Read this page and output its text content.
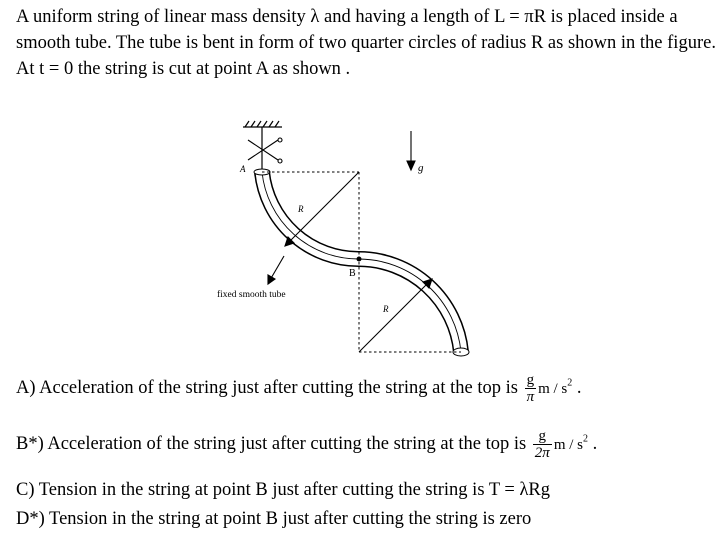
A uniform string of linear mass density λ and having a length of L = πR is placed inside a smooth tube. The tube is bent in form of two quarter circles of radius R as shown in the figure. At t = 0 the string is cut at point A as shown .
A
B
R
R
g
fixed smooth tube
A) Acceleration of the string just after cutting the string at the top is $\frac{g}{\pi}$ m / $s^2$ .
B*) Acceleration of the string just after cutting the string at the top is $\frac{g}{2\pi}$ m / $s^2$ .
C) Tension in the string at point B just after cutting the string is T = λRg
D*) Tension in the string at point B just after cutting the string is zero
